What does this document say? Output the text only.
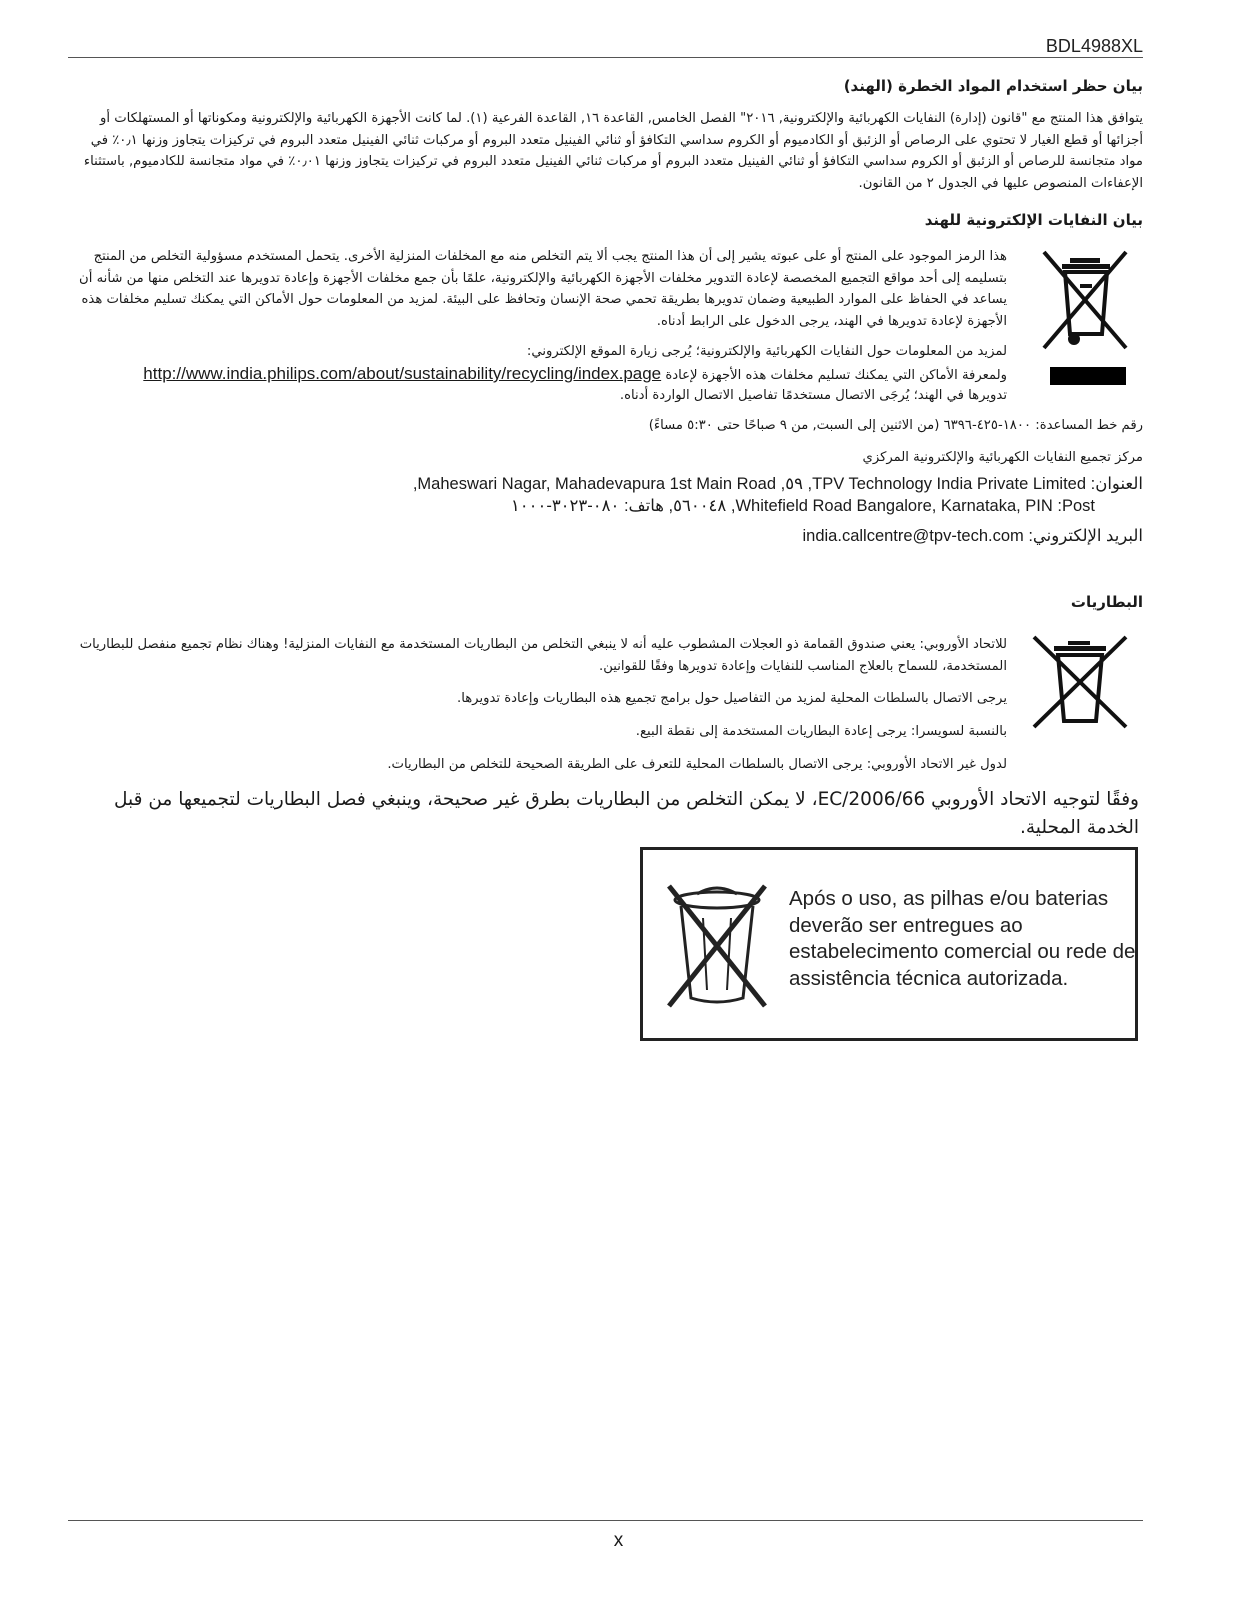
BDL4988XL
بيان حظر استخدام المواد الخطرة (الهند)
يتوافق هذا المنتج مع "قانون (إدارة) النفايات الكهربائية والإلكترونية, ٢٠١٦" الفصل الخامس, القاعدة ١٦, القاعدة الفرعية (١). لما كانت الأجهزة الكهربائية والإلكترونية ومكوناتها أو المستهلكات أو أجزائها أو قطع الغيار لا تحتوي على الرصاص أو الزئبق أو الكادميوم أو الكروم سداسي التكافؤ أو ثنائي الفينيل متعدد البروم أو مركبات ثنائي الفينيل متعدد البروم في تركيزات يتجاوز وزنها ٠٫١٪ في مواد متجانسة للرصاص أو الزئبق أو الكروم سداسي التكافؤ أو ثنائي الفينيل متعدد البروم أو مركبات ثنائي الفينيل متعدد البروم في تركيزات يتجاوز وزنها ٠٫٠١٪ في مواد متجانسة للكادميوم, باستثناء الإعفاءات المنصوص عليها في الجدول ٢ من القانون.
بيان النفايات الإلكترونية للهند
هذا الرمز الموجود على المنتج أو على عبوته يشير إلى أن هذا المنتج يجب ألا يتم التخلص منه مع المخلفات المنزلية الأخرى. يتحمل المستخدم مسؤولية التخلص من المنتج بتسليمه إلى أحد مواقع التجميع المخصصة لإعادة التدوير مخلفات الأجهزة الكهربائية والإلكترونية، علمًا بأن جمع مخلفات الأجهزة وإعادة تدويرها عند التخلص منها من شأنه أن يساعد في الحفاظ على الموارد الطبيعية وضمان تدويرها بطريقة تحمي صحة الإنسان وتحافظ على البيئة. لمزيد من المعلومات حول الأماكن التي يمكنك تسليم مخلفات هذه الأجهزة لإعادة تدويرها في الهند، يرجى الدخول على الرابط أدناه.
لمزيد من المعلومات حول النفايات الكهربائية والإلكترونية؛ يُرجى زيارة الموقع الإلكتروني:
ولمعرفة الأماكن التي يمكنك تسليم مخلفات هذه الأجهزة لإعادة http://www.india.philips.com/about/sustainability/recycling/index.page
تدويرها في الهند؛ يُرجَى الاتصال مستخدمًا تفاصيل الاتصال الواردة أدناه.
رقم خط المساعدة: ١٨٠٠-٤٢٥-٦٣٩٦ (من الاثنين إلى السبت, من ٩ صباحًا حتى ٥:٣٠ مساءً)
مركز تجميع النفايات الكهربائية والإلكترونية المركزي
العنوان: TPV Technology India Private Limited, ٥٩, Maheswari Nagar, Mahadevapura 1st Main Road,
Whitefield Road Bangalore, Karnataka, PIN :Post, ٥٦٠٠٤٨, هاتف: ٠٨٠-٣٠٢٣-١٠٠٠
البريد الإلكتروني: india.callcentre@tpv-tech.com
البطاريات
للاتحاد الأوروبي: يعني صندوق القمامة ذو العجلات المشطوب عليه أنه لا ينبغي التخلص من البطاريات المستخدمة مع النفايات المنزلية! وهناك نظام تجميع منفصل للبطاريات المستخدمة، للسماح بالعلاج المناسب للنفايات وإعادة تدويرها وفقًا للقوانين.
يرجى الاتصال بالسلطات المحلية لمزيد من التفاصيل حول برامج تجميع هذه البطاريات وإعادة تدويرها.
بالنسبة لسويسرا: يرجى إعادة البطاريات المستخدمة إلى نقطة البيع.
لدول غير الاتحاد الأوروبي: يرجى الاتصال بالسلطات المحلية للتعرف على الطريقة الصحيحة للتخلص من البطاريات.
وفقًا لتوجيه الاتحاد الأوروبي 2006/66/EC، لا يمكن التخلص من البطاريات بطرق غير صحيحة، وينبغي فصل البطاريات لتجميعها من قبل الخدمة المحلية.
Após o uso, as pilhas e/ou baterias deverão ser entregues ao estabelecimento comercial ou rede de assistência técnica autorizada.
x
